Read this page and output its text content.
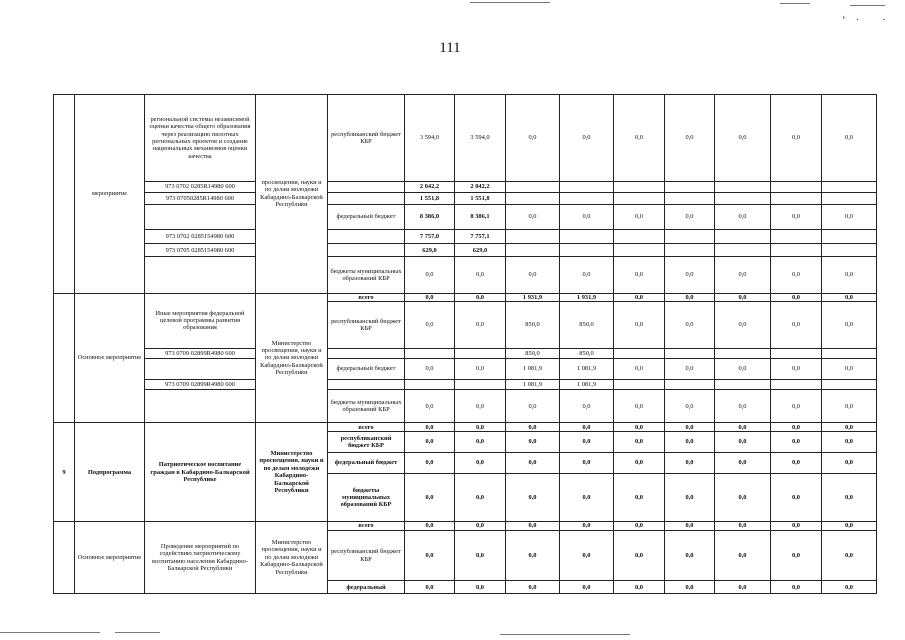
111
‘· ·
	мероприятие	региональной системы независимой оценки качества общего образования через реализацию пилотных региональных проектов и создание национальных механизмов оценки качества	просвещения, науки и по делам молодежи Кабардино-Балкарской Республики	республиканский бюджет КБР	3 594,0	3 594,0	0,0	0,0	0,0	0,0	0,0	0,0	0,0
		973 0702 0285R14980 600			2 042,2	2 042,2							
		973 07050285R14980 600			1 551,8	1 551,8							
				федеральный бюджет	8 386,0	8 386,1	0,0	0,0	0,0	0,0	0,0	0,0	0,0
		973 0702 0285154980 600			7 757,0	7 757,1							
		973 0705 0285154980 600			629,0	629,0							
				бюджеты муниципальных образований КБР	0,0	0,0	0,0	0,0	0,0	0,0	0,0	0,0	0,0
	Основное мероприятие	Иные мероприятия федеральной целевой программы развития образования	Министерство просвещения, науки и по делам молодежи Кабардино-Балкарской Республики	всего	0,0	0,0	1 931,9	1 931,9	0,0	0,0	0,0	0,0	0,0
				республиканский бюджет КБР	0,0	0,0	850,0	850,0	0,0	0,0	0,0	0,0	0,0
		973 0709 02899R4980 600					850,0	850,0					
				федеральный бюджет	0,0	0,0	1 081,9	1 081,9	0,0	0,0	0,0	0,0	0,0
		973 0709 02899R4980 600					1 081,9	1 081,9					
				бюджеты муниципальных образований КБР	0,0	0,0	0,0	0,0	0,0	0,0	0,0	0,0	0,0
9	Подпрограмма	Патриотическое воспитание граждан в Кабардино-Балкарской Республике	Министерство просвещения, науки и по делам молодежи Кабардино-Балкарской Республики	всего	0,0	0,0	0,0	0,0	0,0	0,0	0,0	0,0	0,0
				республиканский бюджет КБР	0,0	0,0	0,0	0,0	0,0	0,0	0,0	0,0	0,0
				федеральный бюджет	0,0	0,0	0,0	0,0	0,0	0,0	0,0	0,0	0,0
				бюджеты муниципальных образований КБР	0,0	0,0	0,0	0,0	0,0	0,0	0,0	0,0	0,0
	Основное мероприятие	Проведение мероприятий по содействию патриотическому воспитанию населения Кабардино-Балкарской Республики	Министерство просвещения, науки и по делам молодежи Кабардино-Балкарской Республики	всего	0,0	0,0	0,0	0,0	0,0	0,0	0,0	0,0	0,0
				республиканский бюджет КБР	0,0	0,0	0,0	0,0	0,0	0,0	0,0	0,0	0,0
				федеральный	0,0	0,0	0,0	0,0	0,0	0,0	0,0	0,0	0,0
